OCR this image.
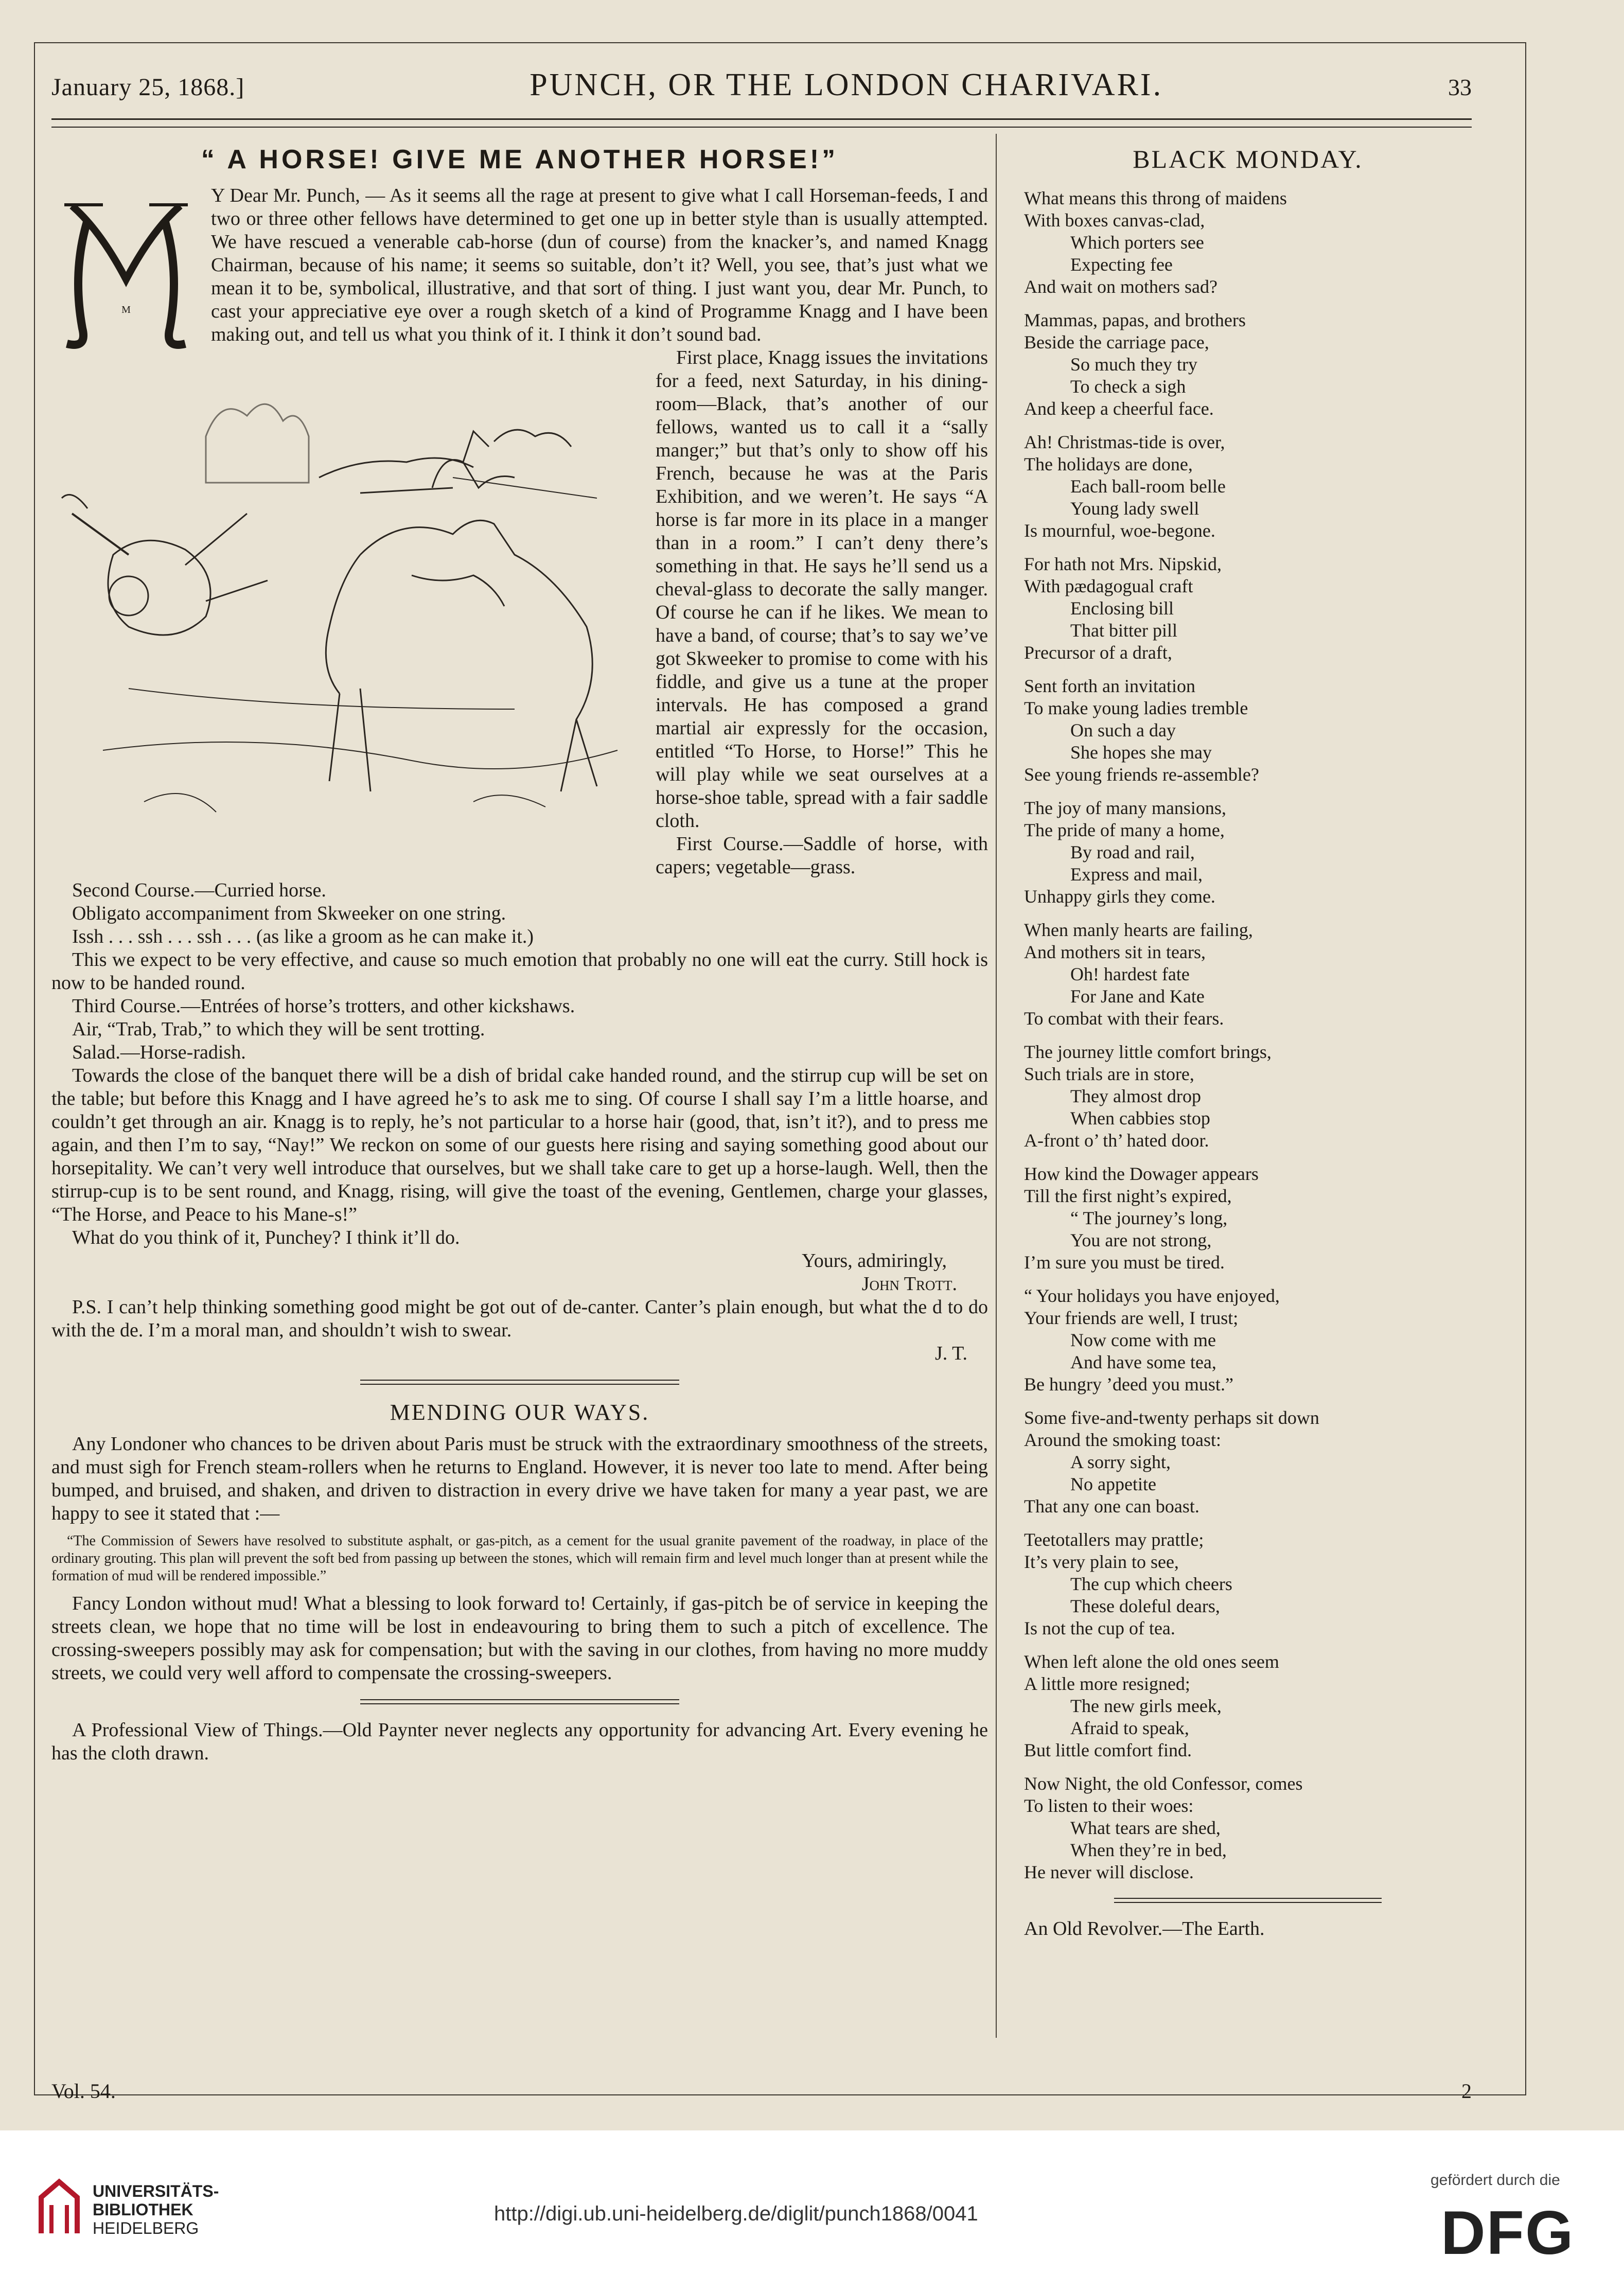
January 25, 1868.]	PUNCH, OR THE LONDON CHARIVARI.	33
“ A HORSE! GIVE ME ANOTHER HORSE!”
M

Y Dear Mr. Punch, — As it seems all the rage at present to give what I call Horseman-feeds, I and two or three other fellows have determined to get one up in better style than is usually attempted. We have rescued a venerable cab-horse (dun of course) from the knacker’s, and named Knagg Chairman, because of his name; it seems so suitable, don’t it? Well, you see, that’s just what we mean it to be, symbolical, illustrative, and that sort of thing. I just want you, dear Mr. Punch, to cast your appreciative eye over a rough sketch of a kind of Programme Knagg and I have been making out, and tell us what you think of it. I think it don’t sound bad.

First place, Knagg issues the invitations for a feed, next Saturday, in his dining-room—Black, that’s another of our fellows, wanted us to call it a “sally manger;” but that’s only to show off his French, because he was at the Paris Exhibition, and we weren’t. He says “A horse is far more in its place in a manger than in a room.” I can’t deny there’s something in that. He says he’ll send us a cheval-glass to decorate the sally manger. Of course he can if he likes. We mean to have a band, of course; that’s to say we’ve got Skweeker to promise to come with his fiddle, and give us a tune at the proper intervals. He has composed a grand martial air expressly for the occasion, entitled “To Horse, to Horse!” This he will play while we seat ourselves at a horse-shoe table, spread with a fair saddle cloth.

First Course.—Saddle of horse, with capers; vegetable—grass.
Second Course.—Curried horse.
Obligato accompaniment from Skweeker on one string.
Issh . . . ssh . . . ssh . . . (as like a groom as he can make it.)
This we expect to be very effective, and cause so much emotion that probably no one will eat the curry. Still hock is now to be handed round.
Third Course.—Entrées of horse’s trotters, and other kickshaws.
Air, “Trab, Trab,” to which they will be sent trotting.
Salad.—Horse-radish.

Towards the close of the banquet there will be a dish of bridal cake handed round, and the stirrup cup will be set on the table; but before this Knagg and I have agreed he’s to ask me to sing. Of course I shall say I’m a little hoarse, and couldn’t get through an air. Knagg is to reply, he’s not particular to a horse hair (good, that, isn’t it?), and to press me again, and then I’m to say, “Nay!” We reckon on some of our guests here rising and saying something good about our horsepitality. We can’t very well introduce that ourselves, but we shall take care to get up a horse-laugh. Well, then the stirrup-cup is to be sent round, and Knagg, rising, will give the toast of the evening, Gentlemen, charge your glasses, “The Horse, and Peace to his Mane-s!”

What do you think of it, Punchey? I think it’ll do.

Yours, admiringly,
John Trott.

P.S. I can’t help thinking something good might be got out of de-canter. Canter’s plain enough, but what the d to do with the de. I’m a moral man, and shouldn’t wish to swear.

J. T.
MENDING OUR WAYS.

Any Londoner who chances to be driven about Paris must be struck with the extraordinary smoothness of the streets, and must sigh for French steam-rollers when he returns to England. However, it is never too late to mend. After being bumped, and bruised, and shaken, and driven to distraction in every drive we have taken for many a year past, we are happy to see it stated that :—

“The Commission of Sewers have resolved to substitute asphalt, or gas-pitch, as a cement for the usual granite pavement of the roadway, in place of the ordinary grouting. This plan will prevent the soft bed from passing up between the stones, which will remain firm and level much longer than at present while the formation of mud will be rendered impossible.”

Fancy London without mud! What a blessing to look forward to! Certainly, if gas-pitch be of service in keeping the streets clean, we hope that no time will be lost in endeavouring to bring them to such a pitch of excellence. The crossing-sweepers possibly may ask for compensation; but with the saving in our clothes, from having no more muddy streets, we could very well afford to compensate the crossing-sweepers.

A Professional View of Things.—Old Paynter never neglects any opportunity for advancing Art. Every evening he has the cloth drawn.

BLACK MONDAY.
What means this throng of maidens
With boxes canvas-clad,
Which porters see
Expecting fee
And wait on mothers sad?
Mammas, papas, and brothers
Beside the carriage pace,
So much they try
To check a sigh
And keep a cheerful face.
Ah! Christmas-tide is over,
The holidays are done,
Each ball-room belle
Young lady swell
Is mournful, woe-begone.
For hath not Mrs. Nipskid,
With pædagogual craft
Enclosing bill
That bitter pill
Precursor of a draft,
Sent forth an invitation
To make young ladies tremble
On such a day
She hopes she may
See young friends re-assemble?
The joy of many mansions,
The pride of many a home,
By road and rail,
Express and mail,
Unhappy girls they come.
When manly hearts are failing,
And mothers sit in tears,
Oh! hardest fate
For Jane and Kate
To combat with their fears.
The journey little comfort brings,
Such trials are in store,
They almost drop
When cabbies stop
A-front o’ th’ hated door.
How kind the Dowager appears
Till the first night’s expired,
“ The journey’s long,
You are not strong,
I’m sure you must be tired.
“ Your holidays you have enjoyed,
Your friends are well, I trust;
Now come with me
And have some tea,
Be hungry ’deed you must.”
Some five-and-twenty perhaps sit down
Around the smoking toast:
A sorry sight,
No appetite
That any one can boast.
Teetotallers may prattle;
It’s very plain to see,
The cup which cheers
These doleful dears,
Is not the cup of tea.
When left alone the old ones seem
A little more resigned;
The new girls meek,
Afraid to speak,
But little comfort find.
Now Night, the old Confessor, comes
To listen to their woes:
What tears are shed,
When they’re in bed,
He never will disclose.
An Old Revolver.—The Earth.
Vol. 54.	2
UNIVERSITÄTS-
BIBLIOTHEK
HEIDELBERG
http://digi.ub.uni-heidelberg.de/diglit/punch1868/0041
gefördert durch die
DFG
